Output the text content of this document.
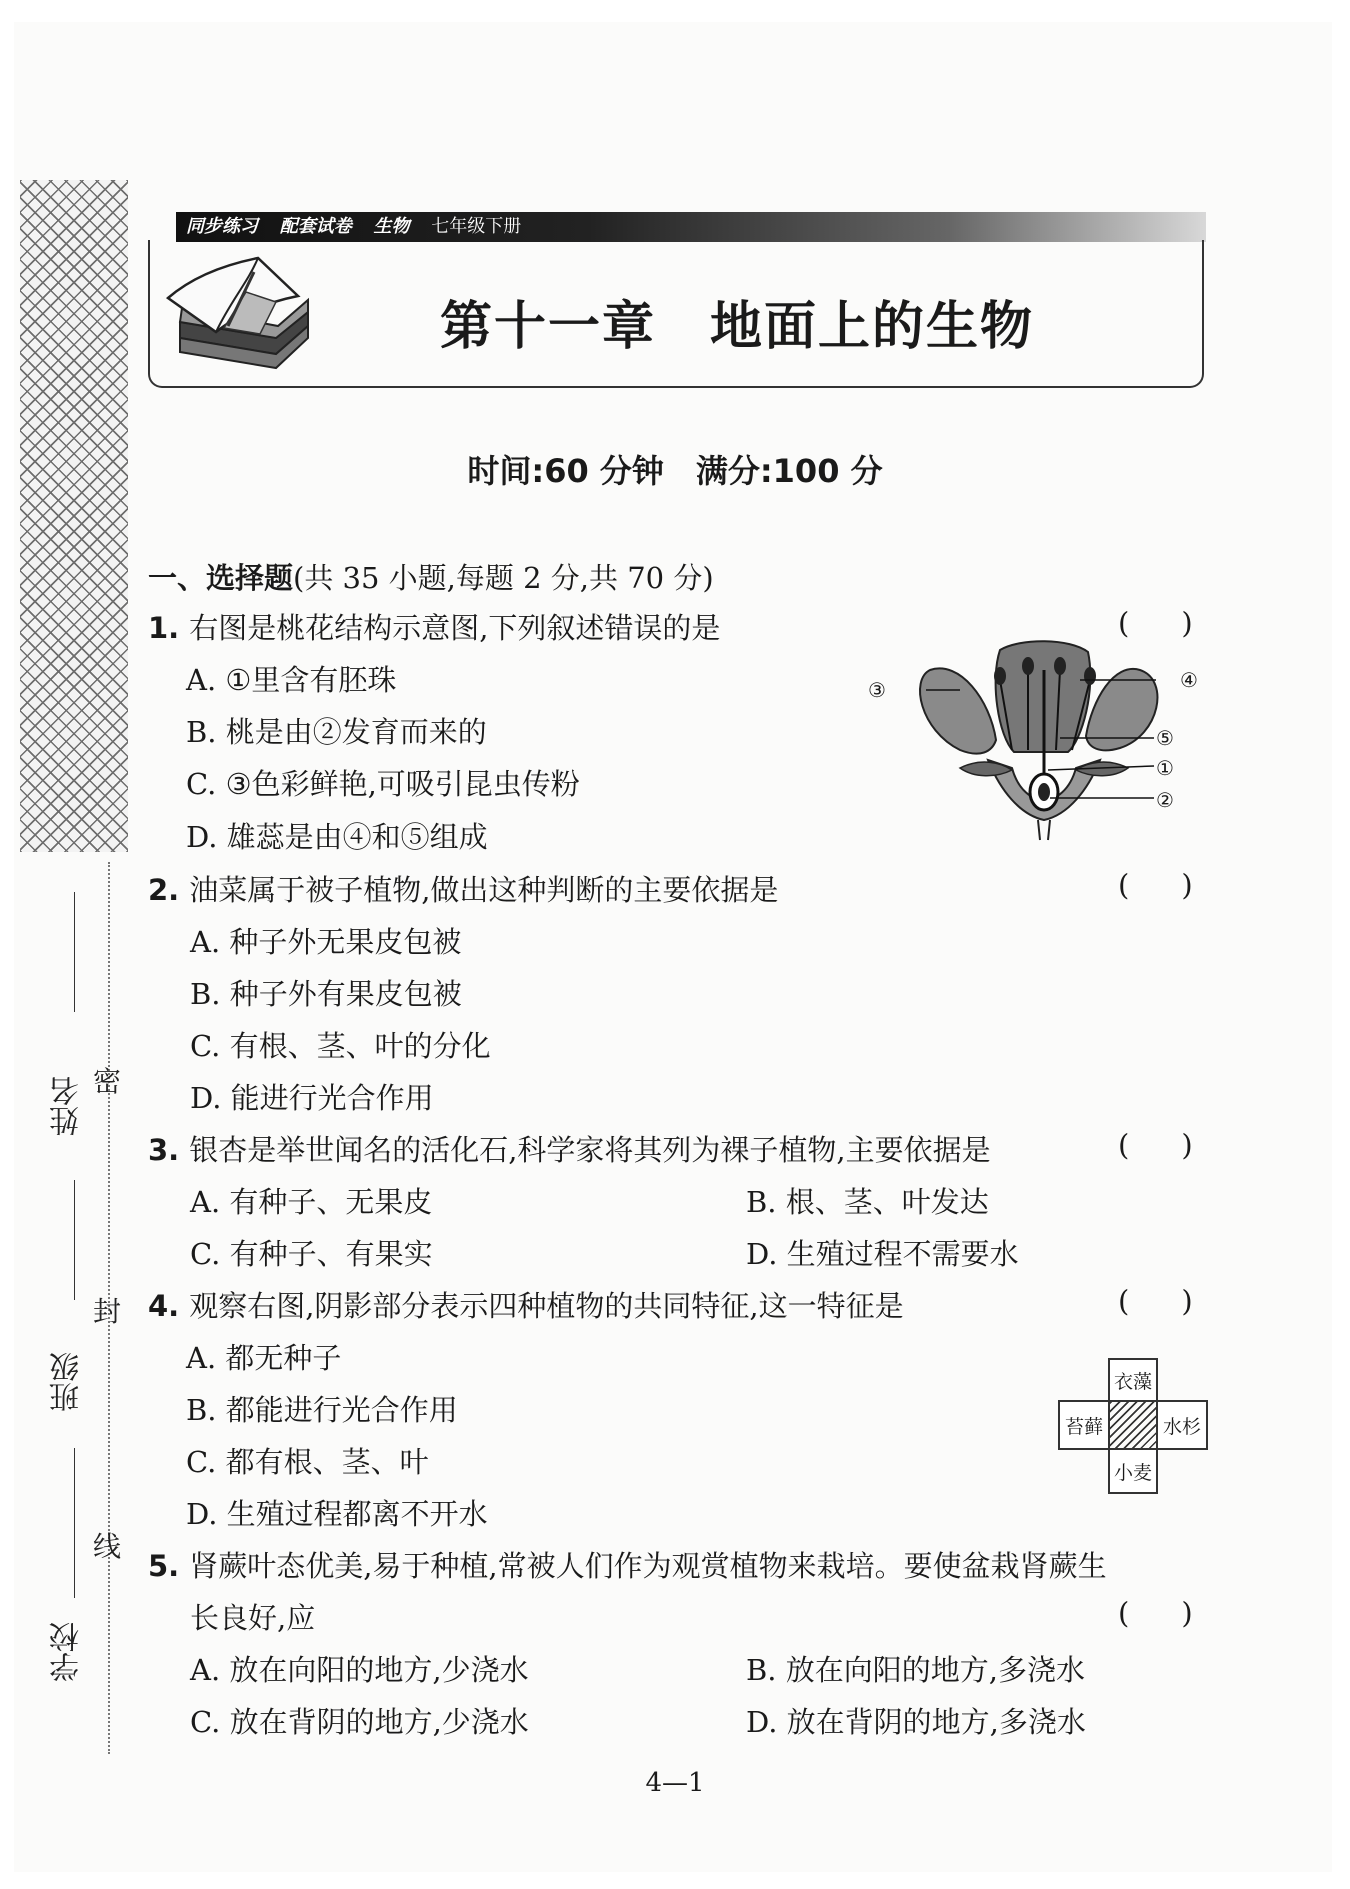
姓名
班级
学校
密
封
线
同步练习 配套试卷 生物 七年级下册
第十一章　地面上的生物
时间:60 分钟　满分:100 分
一、选择题(共 35 小题,每题 2 分,共 70 分)
1. 右图是桃花结构示意图,下列叙述错误的是	( )
A. ①里含有胚珠
B. 桃是由②发育而来的
C. ③色彩鲜艳,可吸引昆虫传粉
D. 雄蕊是由④和⑤组成
③	④
⑤
①
②
2. 油菜属于被子植物,做出这种判断的主要依据是	( )
A. 种子外无果皮包被
B. 种子外有果皮包被
C. 有根、茎、叶的分化
D. 能进行光合作用
3. 银杏是举世闻名的活化石,科学家将其列为裸子植物,主要依据是	( )
A. 有种子、无果皮	B. 根、茎、叶发达
C. 有种子、有果实	D. 生殖过程不需要水
4. 观察右图,阴影部分表示四种植物的共同特征,这一特征是	( )
A. 都无种子
B. 都能进行光合作用
C. 都有根、茎、叶
D. 生殖过程都离不开水
衣藻
苔藓	水杉
小麦
5. 肾蕨叶态优美,易于种植,常被人们作为观赏植物来栽培。要使盆栽肾蕨生
长良好,应	( )
A. 放在向阳的地方,少浇水	B. 放在向阳的地方,多浇水
C. 放在背阴的地方,少浇水	D. 放在背阴的地方,多浇水
4—1
